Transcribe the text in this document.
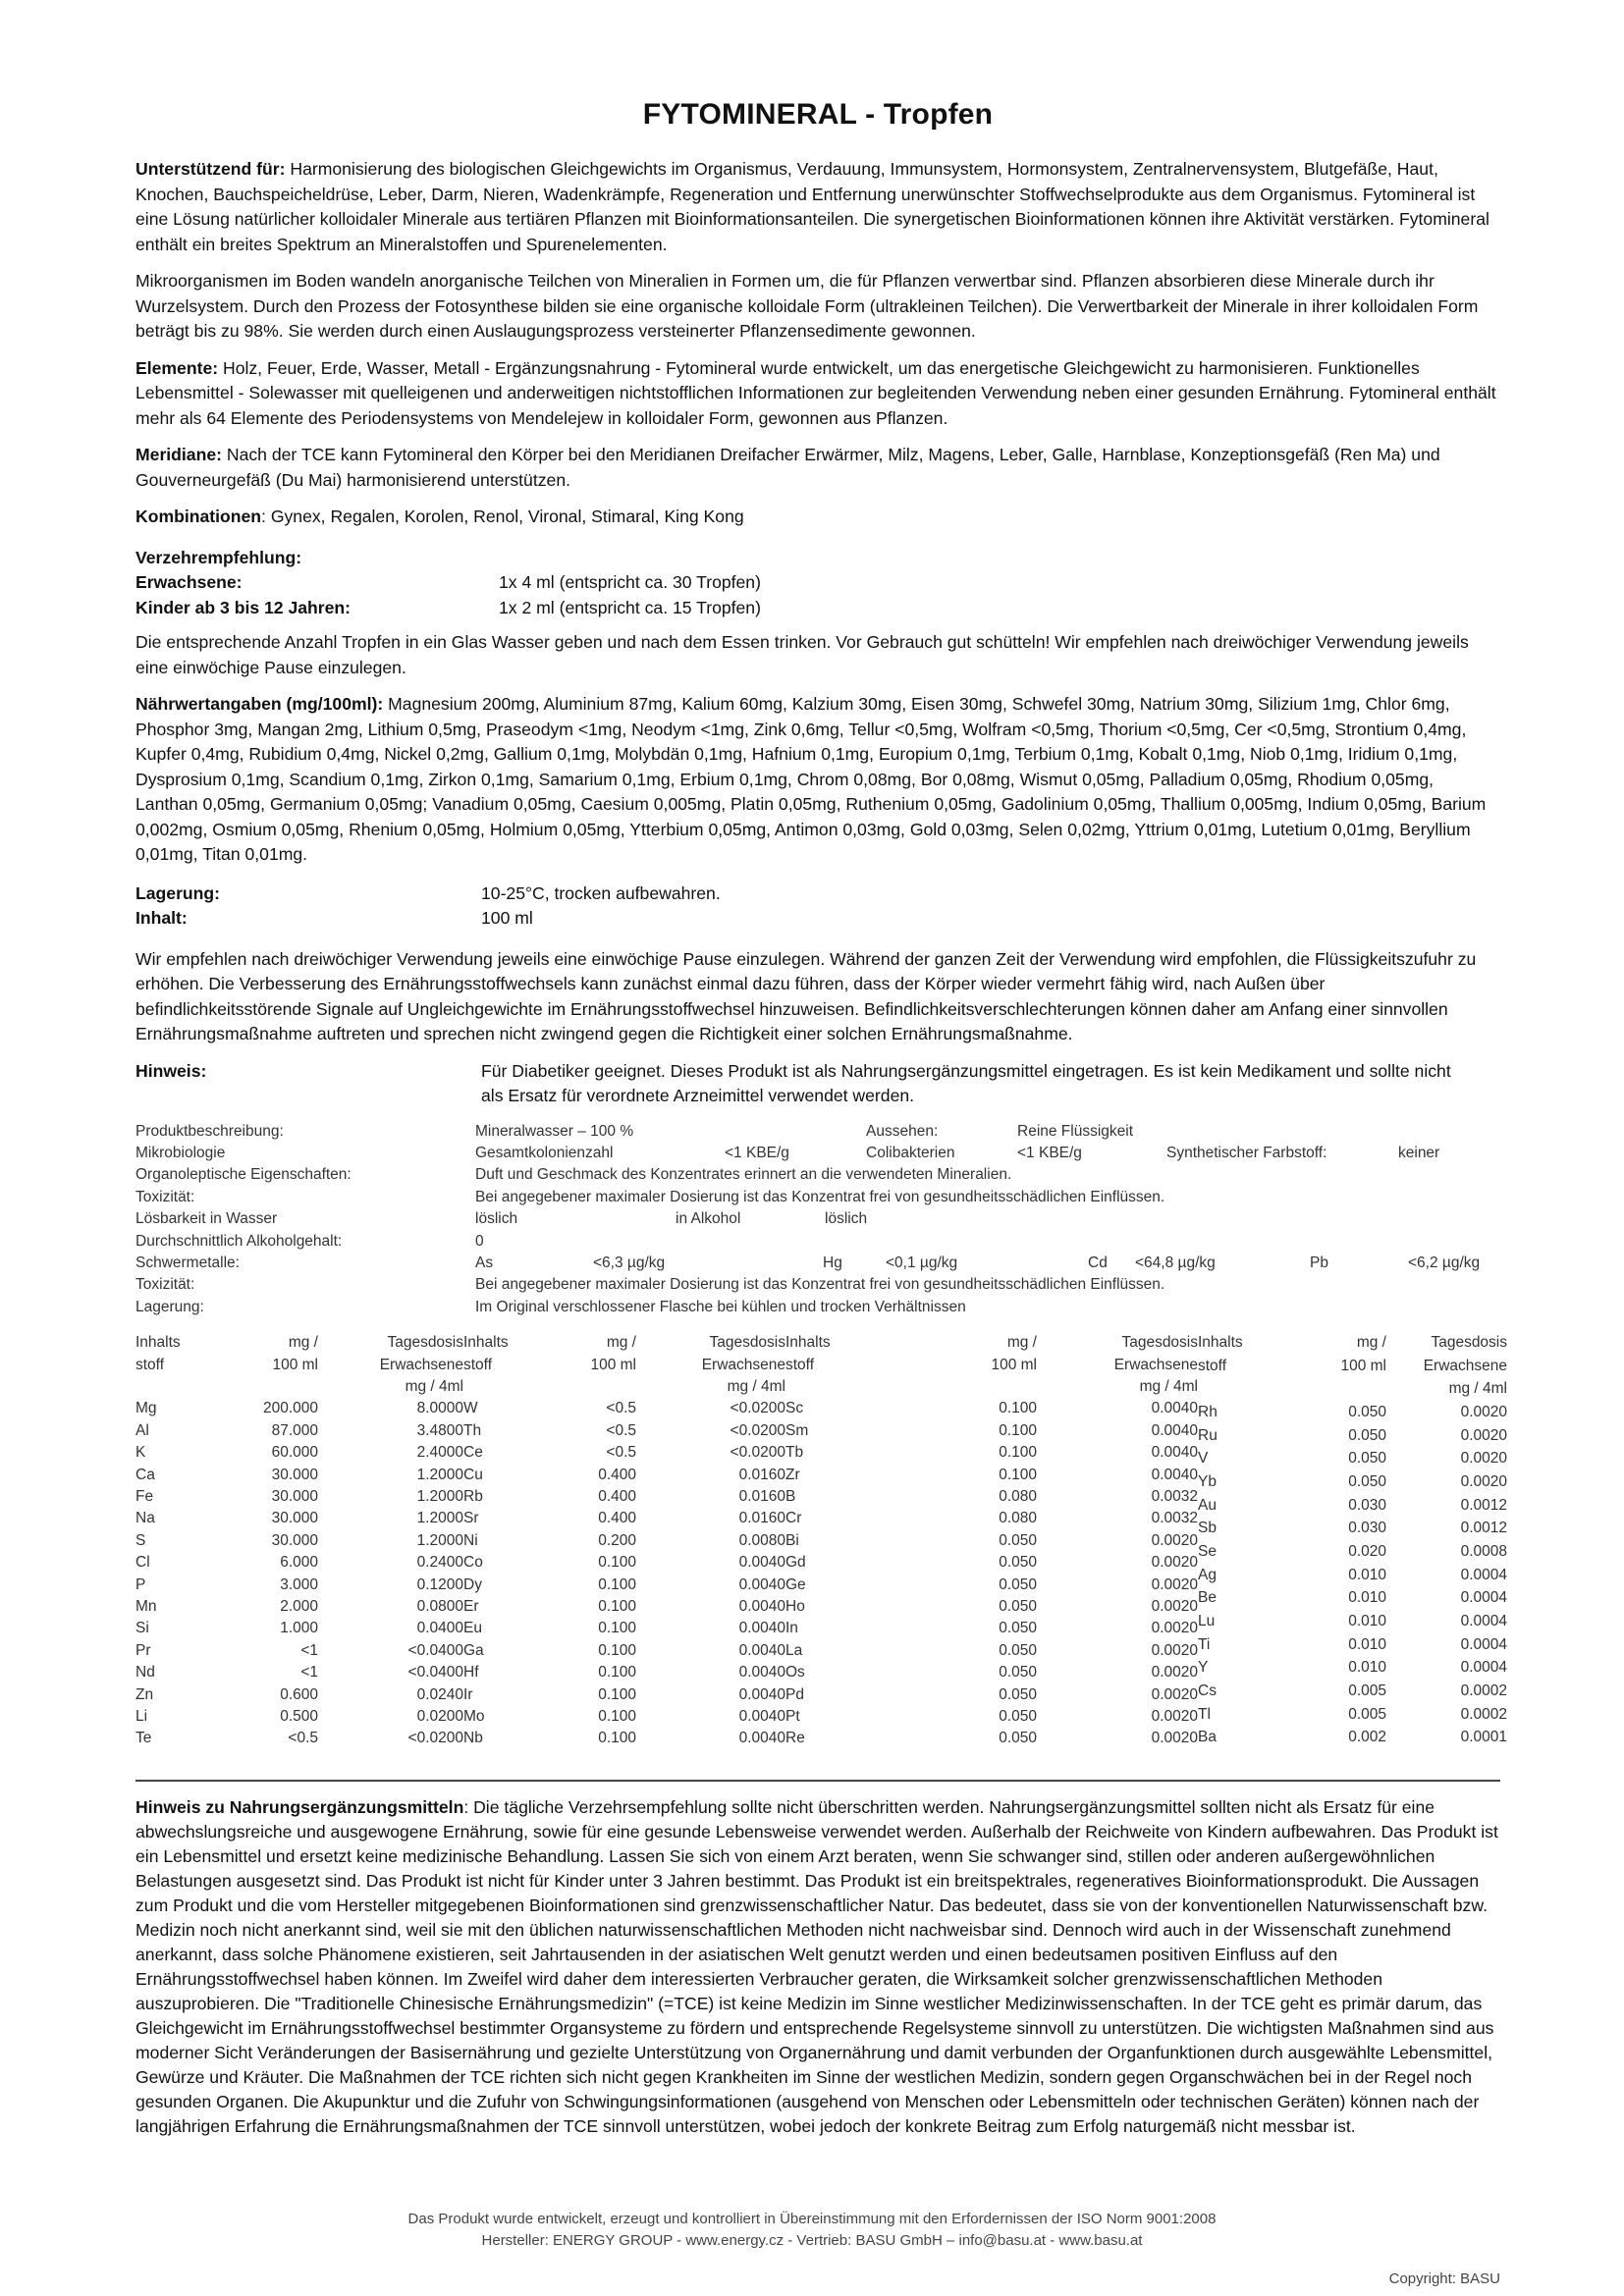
FYTOMINERAL - Tropfen

Unterstützend für: Harmonisierung des biologischen Gleichgewichts im Organismus, Verdauung, Immunsystem, Hormonsystem, Zentralnervensystem, Blutgefäße, Haut, Knochen, Bauchspeicheldrüse, Leber, Darm, Nieren, Wadenkrämpfe, Regeneration und Entfernung unerwünschter Stoffwechselprodukte aus dem Organismus. Fytomineral ist eine Lösung natürlicher kolloidaler Minerale aus tertiären Pflanzen mit Bioinformationsanteilen. Die synergetischen Bioinformationen können ihre Aktivität verstärken. Fytomineral enthält ein breites Spektrum an Mineralstoffen und Spurenelementen.

Mikroorganismen im Boden wandeln anorganische Teilchen von Mineralien in Formen um, die für Pflanzen verwertbar sind. Pflanzen absorbieren diese Minerale durch ihr Wurzelsystem. Durch den Prozess der Fotosynthese bilden sie eine organische kolloidale Form (ultrakleinen Teilchen). Die Verwertbarkeit der Minerale in ihrer kolloidalen Form beträgt bis zu 98%. Sie werden durch einen Auslaugungsprozess versteinerter Pflanzensedimente gewonnen.

Elemente: Holz, Feuer, Erde, Wasser, Metall - Ergänzungsnahrung - Fytomineral wurde entwickelt, um das energetische Gleichgewicht zu harmonisieren. Funktionelles Lebensmittel - Solewasser mit quelleigenen und anderweitigen nichtstofflichen Informationen zur begleitenden Verwendung neben einer gesunden Ernährung. Fytomineral enthält mehr als 64 Elemente des Periodensystems von Mendelejew in kolloidaler Form, gewonnen aus Pflanzen.

Meridiane: Nach der TCE kann Fytomineral den Körper bei den Meridianen Dreifacher Erwärmer, Milz, Magens, Leber, Galle, Harnblase, Konzeptionsgefäß (Ren Ma) und Gouverneurgefäß (Du Mai) harmonisierend unterstützen.

Kombinationen: Gynex, Regalen, Korolen, Renol, Vironal, Stimaral, King Kong

Verzehrempfehlung:
Erwachsene:	1x 4 ml (entspricht ca. 30 Tropfen)
Kinder ab 3 bis 12 Jahren:	1x 2 ml (entspricht ca. 15 Tropfen)

Die entsprechende Anzahl Tropfen in ein Glas Wasser geben und nach dem Essen trinken. Vor Gebrauch gut schütteln! Wir empfehlen nach dreiwöchiger Verwendung jeweils eine einwöchige Pause einzulegen.

Nährwertangaben (mg/100ml): Magnesium 200mg, Aluminium 87mg, Kalium 60mg, Kalzium 30mg, Eisen 30mg, Schwefel 30mg, Natrium 30mg, Silizium 1mg, Chlor 6mg, Phosphor 3mg, Mangan 2mg, Lithium 0,5mg, Praseodym <1mg, Neodym <1mg, Zink 0,6mg, Tellur <0,5mg, Wolfram <0,5mg, Thorium <0,5mg, Cer <0,5mg, Strontium 0,4mg, Kupfer 0,4mg, Rubidium 0,4mg, Nickel 0,2mg, Gallium 0,1mg, Molybdän 0,1mg, Hafnium 0,1mg, Europium 0,1mg, Terbium 0,1mg, Kobalt 0,1mg, Niob 0,1mg, Iridium 0,1mg, Dysprosium 0,1mg, Scandium 0,1mg, Zirkon 0,1mg, Samarium 0,1mg, Erbium 0,1mg, Chrom 0,08mg, Bor 0,08mg, Wismut 0,05mg, Palladium 0,05mg, Rhodium 0,05mg, Lanthan 0,05mg, Germanium 0,05mg; Vanadium 0,05mg, Caesium 0,005mg, Platin 0,05mg, Ruthenium 0,05mg, Gadolinium 0,05mg, Thallium 0,005mg, Indium 0,05mg, Barium 0,002mg, Osmium 0,05mg, Rhenium 0,05mg, Holmium 0,05mg, Ytterbium 0,05mg, Antimon 0,03mg, Gold 0,03mg, Selen 0,02mg, Yttrium 0,01mg, Lutetium 0,01mg, Beryllium 0,01mg, Titan 0,01mg.

Lagerung:	10-25°C, trocken aufbewahren.
Inhalt:	100 ml

Wir empfehlen nach dreiwöchiger Verwendung jeweils eine einwöchige Pause einzulegen. Während der ganzen Zeit der Verwendung wird empfohlen, die Flüssigkeitszufuhr zu erhöhen. Die Verbesserung des Ernährungsstoffwechsels kann zunächst einmal dazu führen, dass der Körper wieder vermehrt fähig wird, nach Außen über befindlichkeitsstörende Signale auf Ungleichgewichte im Ernährungsstoffwechsel hinzuweisen. Befindlichkeitsverschlechterungen können daher am Anfang einer sinnvollen Ernährungsmaßnahme auftreten und sprechen nicht zwingend gegen die Richtigkeit einer solchen Ernährungsmaßnahme.

Hinweis:	Für Diabetiker geeignet. Dieses Produkt ist als Nahrungsergänzungsmittel eingetragen. Es ist kein Medikament und sollte nicht als Ersatz für verordnete Arzneimittel verwendet werden.
Produktbeschreibung:	Mineralwasser – 100 %	Aussehen:	Reine Flüssigkeit
Mikrobiologie	Gesamtkolonienzahl	<1 KBE/g	Colibakterien	<1 KBE/g	Synthetischer Farbstoff:	keiner
Organoleptische Eigenschaften:	Duft und Geschmack des Konzentrates erinnert an die verwendeten Mineralien.
Toxizität:	Bei angegebener maximaler Dosierung ist das Konzentrat frei von gesundheitsschädlichen Einflüssen.
Lösbarkeit in Wasser	löslich	in Alkohol	löslich
Durchschnittlich Alkoholgehalt:	0
Schwermetalle:	As	<6,3 µg/kg	Hg	<0,1 µg/kg	Cd	<64,8 µg/kg	Pb	<6,2 µg/kg
Toxizität:	Bei angegebener maximaler Dosierung ist das Konzentrat frei von gesundheitsschädlichen Einflüssen.
Lagerung:	Im Original verschlossener Flasche bei kühlen und trocken Verhältnissen
Inhalts	mg /	Tagesdosis
stoff	100 ml	Erwachsene
mg / 4ml
Mg	200.000	8.0000
Al	87.000	3.4800
K	60.000	2.4000
Ca	30.000	1.2000
Fe	30.000	1.2000
Na	30.000	1.2000
S	30.000	1.2000
Cl	6.000	0.2400
P	3.000	0.1200
Mn	2.000	0.0800
Si	1.000	0.0400
Pr	<1	<0.0400
Nd	<1	<0.0400
Zn	0.600	0.0240
Li	0.500	0.0200
Te	<0.5	<0.0200
Inhalts	mg /	Tagesdosis
stoff	100 ml	Erwachsene
mg / 4ml
W	<0.5	<0.0200
Th	<0.5	<0.0200
Ce	<0.5	<0.0200
Cu	0.400	0.0160
Rb	0.400	0.0160
Sr	0.400	0.0160
Ni	0.200	0.0080
Co	0.100	0.0040
Dy	0.100	0.0040
Er	0.100	0.0040
Eu	0.100	0.0040
Ga	0.100	0.0040
Hf	0.100	0.0040
Ir	0.100	0.0040
Mo	0.100	0.0040
Nb	0.100	0.0040
Inhalts	mg /	Tagesdosis
stoff	100 ml	Erwachsene
mg / 4ml
Sc	0.100	0.0040
Sm	0.100	0.0040
Tb	0.100	0.0040
Zr	0.100	0.0040
B	0.080	0.0032
Cr	0.080	0.0032
Bi	0.050	0.0020
Gd	0.050	0.0020
Ge	0.050	0.0020
Ho	0.050	0.0020
In	0.050	0.0020
La	0.050	0.0020
Os	0.050	0.0020
Pd	0.050	0.0020
Pt	0.050	0.0020
Re	0.050	0.0020
Inhalts	mg /	Tagesdosis
stoff	100 ml	Erwachsene
mg / 4ml
Rh	0.050	0.0020
Ru	0.050	0.0020
V	0.050	0.0020
Yb	0.050	0.0020
Au	0.030	0.0012
Sb	0.030	0.0012
Se	0.020	0.0008
Ag	0.010	0.0004
Be	0.010	0.0004
Lu	0.010	0.0004
Ti	0.010	0.0004
Y	0.010	0.0004
Cs	0.005	0.0002
Tl	0.005	0.0002
Ba	0.002	0.0001

Hinweis zu Nahrungsergänzungsmitteln: Die tägliche Verzehrsempfehlung sollte nicht überschritten werden. Nahrungsergänzungsmittel sollten nicht als Ersatz für eine abwechslungsreiche und ausgewogene Ernährung, sowie für eine gesunde Lebensweise verwendet werden. Außerhalb der Reichweite von Kindern aufbewahren. Das Produkt ist ein Lebensmittel und ersetzt keine medizinische Behandlung. Lassen Sie sich von einem Arzt beraten, wenn Sie schwanger sind, stillen oder anderen außergewöhnlichen Belastungen ausgesetzt sind. Das Produkt ist nicht für Kinder unter 3 Jahren bestimmt. Das Produkt ist ein breitspektrales, regeneratives Bioinformationsprodukt. Die Aussagen zum Produkt und die vom Hersteller mitgegebenen Bioinformationen sind grenzwissenschaftlicher Natur. Das bedeutet, dass sie von der konventionellen Naturwissenschaft bzw. Medizin noch nicht anerkannt sind, weil sie mit den üblichen naturwissenschaftlichen Methoden nicht nachweisbar sind. Dennoch wird auch in der Wissenschaft zunehmend anerkannt, dass solche Phänomene existieren, seit Jahrtausenden in der asiatischen Welt genutzt werden und einen bedeutsamen positiven Einfluss auf den Ernährungsstoffwechsel haben können. Im Zweifel wird daher dem interessierten Verbraucher geraten, die Wirksamkeit solcher grenzwissenschaftlichen Methoden auszuprobieren. Die "Traditionelle Chinesische Ernährungsmedizin" (=TCE) ist keine Medizin im Sinne westlicher Medizinwissenschaften. In der TCE geht es primär darum, das Gleichgewicht im Ernährungsstoffwechsel bestimmter Organsysteme zu fördern und entsprechende Regelsysteme sinnvoll zu unterstützen. Die wichtigsten Maßnahmen sind aus moderner Sicht Veränderungen der Basisernährung und gezielte Unterstützung von Organernährung und damit verbunden der Organfunktionen durch ausgewählte Lebensmittel, Gewürze und Kräuter. Die Maßnahmen der TCE richten sich nicht gegen Krankheiten im Sinne der westlichen Medizin, sondern gegen Organschwächen bei in der Regel noch gesunden Organen. Die Akupunktur und die Zufuhr von Schwingungsinformationen (ausgehend von Menschen oder Lebensmitteln oder technischen Geräten) können nach der langjährigen Erfahrung die Ernährungsmaßnahmen der TCE sinnvoll unterstützen, wobei jedoch der konkrete Beitrag zum Erfolg naturgemäß nicht messbar ist.

Das Produkt wurde entwickelt, erzeugt und kontrolliert in Übereinstimmung mit den Erfordernissen der ISO Norm 9001:2008
Hersteller: ENERGY GROUP - www.energy.cz - Vertrieb: BASU GmbH – info@basu.at - www.basu.at
Copyright: BASU
